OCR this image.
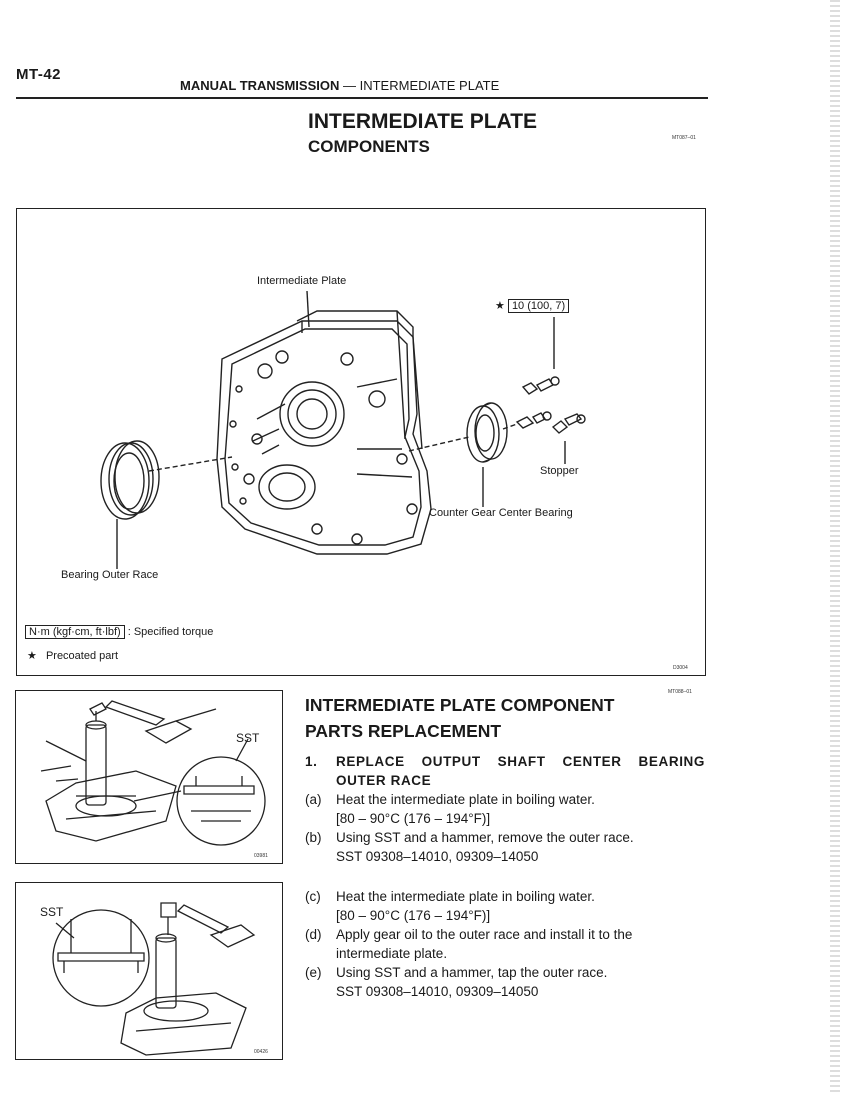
MT-42
MANUAL TRANSMISSION — INTERMEDIATE PLATE
INTERMEDIATE PLATE
COMPONENTS	MT087–01
Intermediate Plate
★ 10 (100, 7)
Stopper
Counter Gear Center Bearing
Bearing Outer Race
N·m (kgf·cm, ft·lbf) : Specified torque
★ Precoated part
D3004
SST
03981
SST
00426
INTERMEDIATE PLATE COMPONENT
PARTS REPLACEMENT
MT088–01
1.	REPLACE OUTPUT SHAFT CENTER BEARING
OUTER RACE
(a)	Heat the intermediate plate in boiling water.
[80 – 90°C (176 – 194°F)]
(b)	Using SST and a hammer, remove the outer race.
SST 09308–14010, 09309–14050
(c)	Heat the intermediate plate in boiling water.
[80 – 90°C (176 – 194°F)]
(d)	Apply gear oil to the outer race and install it to the
intermediate plate.
(e)	Using SST and a hammer, tap the outer race.
SST 09308–14010, 09309–14050
